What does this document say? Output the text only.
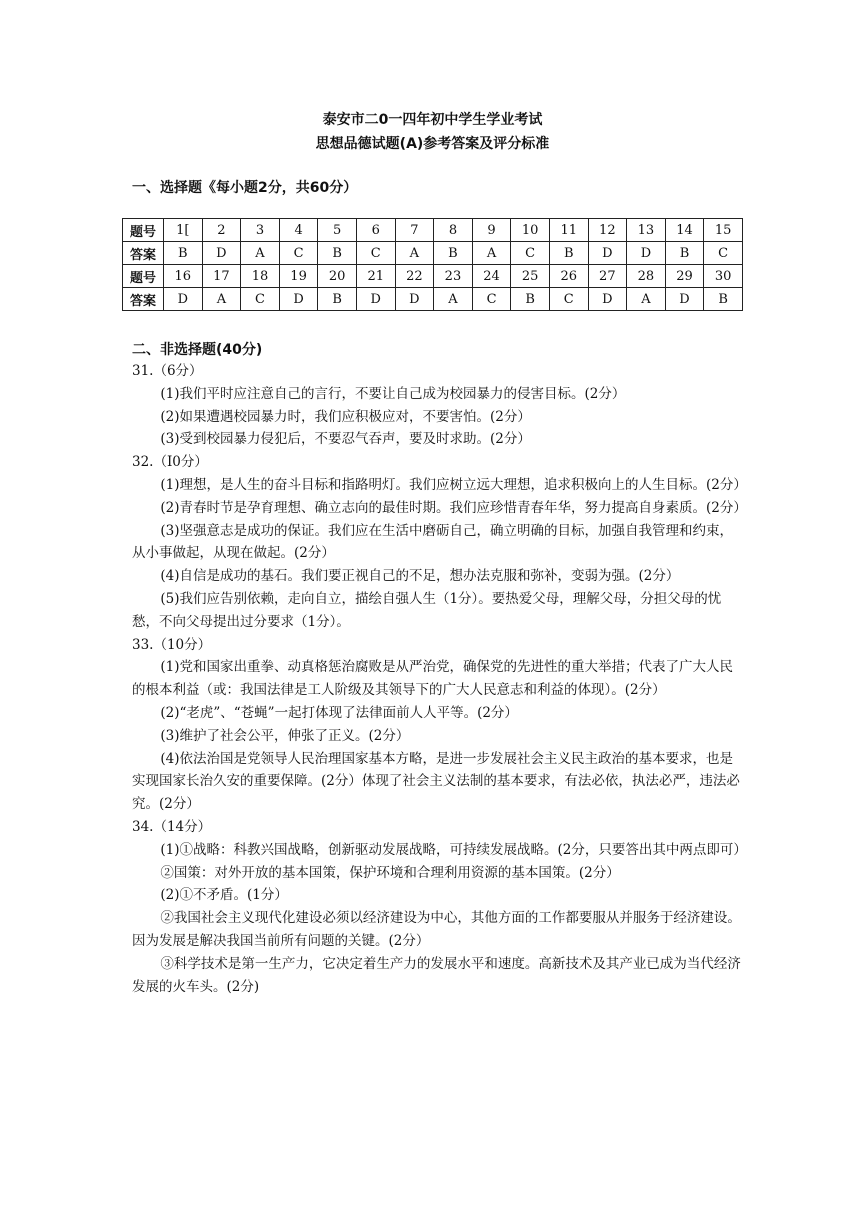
泰安市二0一四年初中学生学业考试
思想品德试题(A)参考答案及评分标准
一、选择题《每小题2分，共60分）
题号	1[	2	3	4	5	6	7	8	9	10	11	12	13	14	15
答案	B	D	A	C	B	C	A	B	A	C	B	D	D	B	C
题号	16	17	18	19	20	21	22	23	24	25	26	27	28	29	30
答案	D	A	C	D	B	D	D	A	C	B	C	D	A	D	B
二、非选择题(40分)

31.（6分）

(1)我们平时应注意自己的言行，不要让自己成为校园暴力的侵害目标。(2分）

(2)如果遭遇校园暴力时，我们应积极应对，不要害怕。(2分）

(3)受到校园暴力侵犯后，不要忍气吞声，要及时求助。(2分）

32.（I0分）

(1)理想，是人生的奋斗目标和指路明灯。我们应树立远大理想，追求积极向上的人生目标。(2分）

(2)青春时节是孕育理想、确立志向的最佳时期。我们应珍惜青春年华，努力提高自身素质。(2分）

(3)坚强意志是成功的保证。我们应在生活中磨砺自己，确立明确的目标，加强自我管理和约束，从小事做起，从现在做起。(2分）

(4)自信是成功的基石。我们要正视自己的不足，想办法克服和弥补，变弱为强。(2分）

(5)我们应告别依赖，走向自立，描绘自强人生（1分）。要热爱父母，理解父母，分担父母的忧愁，不向父母提出过分要求（1分）。

33.（10分）

(1)党和国家出重拳、动真格惩治腐败是从严治党，确保党的先进性的重大举措；代表了广大人民的根本利益（或：我国法律是工人阶级及其领导下的广大人民意志和利益的体现）。(2分）

(2)“老虎”、“苍蝇”一起打体现了法律面前人人平等。(2分）

(3)维护了社会公平，伸张了正义。(2分）

(4)依法治国是党领导人民治理国家基本方略，是进一步发展社会主义民主政治的基本要求，也是实现国家长治久安的重要保障。(2分）体现了社会主义法制的基本要求，有法必依，执法必严，违法必究。(2分）

34.（14分）

(1)①战略：科教兴国战略，创新驱动发展战略，可持续发展战略。(2分，只要答出其中两点即可）

②国策：对外开放的基本国策，保护环境和合理利用资源的基本国策。(2分）

(2)①不矛盾。(1分）

②我国社会主义现代化建设必须以经济建设为中心，其他方面的工作都要服从并服务于经济建设。因为发展是解决我国当前所有问题的关键。(2分）

③科学技术是第一生产力，它决定着生产力的发展水平和速度。高新技术及其产业已成为当代经济发展的火车头。(2分)
